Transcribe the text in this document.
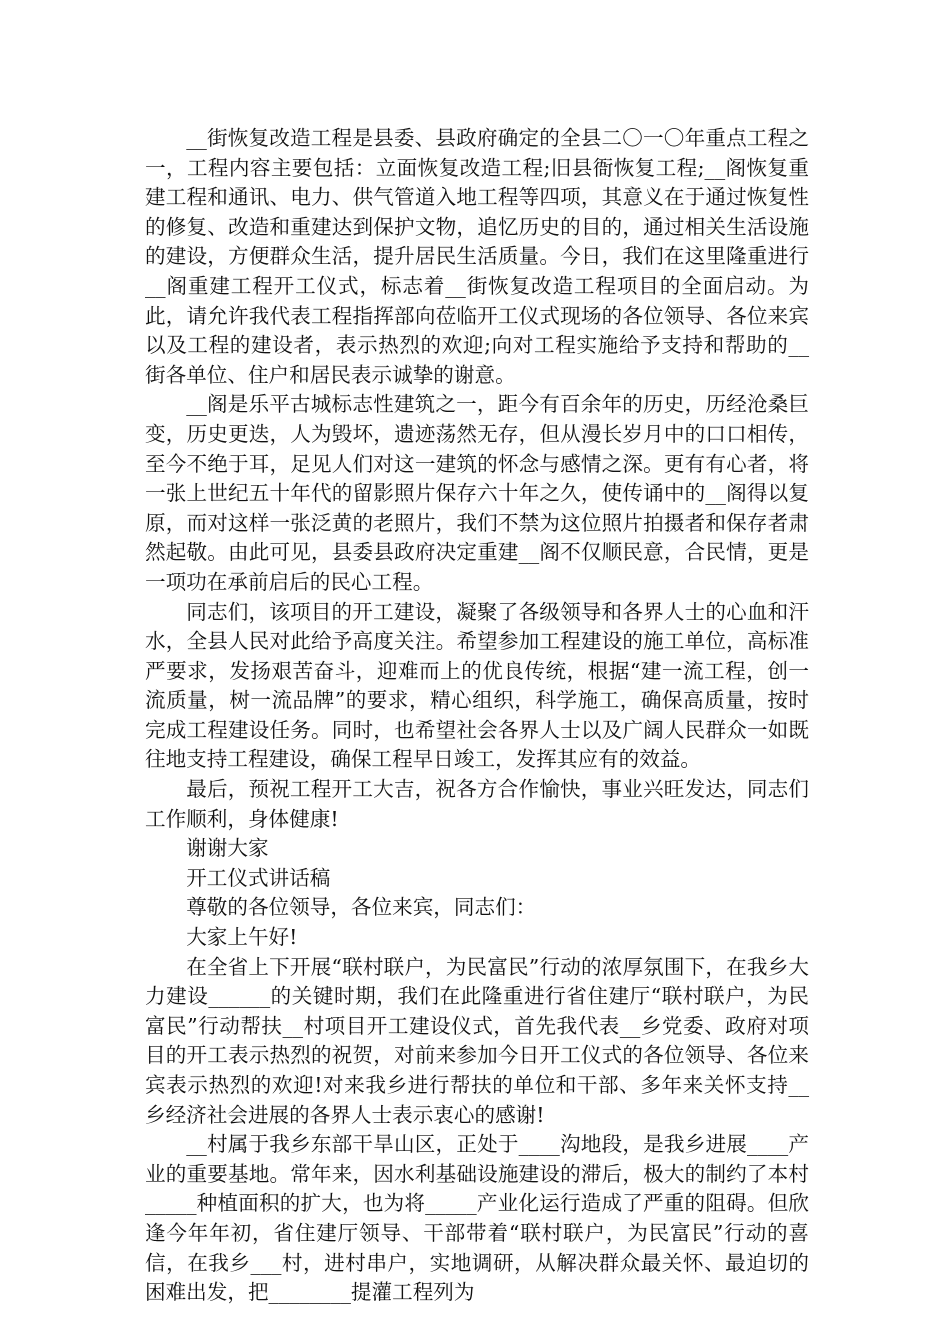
__街恢复改造工程是县委、县政府确定的全县二〇一〇年重点工程之一，工程内容主要包括：立面恢复改造工程;旧县衙恢复工程;__阁恢复重建工程和通讯、电力、供气管道入地工程等四项，其意义在于通过恢复性的修复、改造和重建达到保护文物，追忆历史的目的，通过相关生活设施的建设，方便群众生活，提升居民生活质量。今日，我们在这里隆重进行__阁重建工程开工仪式，标志着__街恢复改造工程项目的全面启动。为此，请允许我代表工程指挥部向莅临开工仪式现场的各位领导、各位来宾以及工程的建设者，表示热烈的欢迎;向对工程实施给予支持和帮助的__街各单位、住户和居民表示诚挚的谢意。

__阁是乐平古城标志性建筑之一，距今有百余年的历史，历经沧桑巨变，历史更迭，人为毁坏，遗迹荡然无存，但从漫长岁月中的口口相传，至今不绝于耳，足见人们对这一建筑的怀念与感情之深。更有有心者，将一张上世纪五十年代的留影照片保存六十年之久，使传诵中的__阁得以复原，而对这样一张泛黄的老照片，我们不禁为这位照片拍摄者和保存者肃然起敬。由此可见，县委县政府决定重建__阁不仅顺民意，合民情，更是一项功在承前启后的民心工程。

同志们，该项目的开工建设，凝聚了各级领导和各界人士的心血和汗水，全县人民对此给予高度关注。希望参加工程建设的施工单位，高标准严要求，发扬艰苦奋斗，迎难而上的优良传统，根据“建一流工程，创一流质量，树一流品牌”的要求，精心组织，科学施工，确保高质量，按时完成工程建设任务。同时，也希望社会各界人士以及广阔人民群众一如既往地支持工程建设，确保工程早日竣工，发挥其应有的效益。

最后，预祝工程开工大吉，祝各方合作愉快，事业兴旺发达，同志们工作顺利，身体健康!

谢谢大家

开工仪式讲话稿

尊敬的各位领导，各位来宾，同志们：

大家上午好!

在全省上下开展“联村联户，为民富民”行动的浓厚氛围下，在我乡大力建设______的关键时期，我们在此隆重进行省住建厅“联村联户，为民富民”行动帮扶__村项目开工建设仪式，首先我代表__乡党委、政府对项目的开工表示热烈的祝贺，对前来参加今日开工仪式的各位领导、各位来宾表示热烈的欢迎!对来我乡进行帮扶的单位和干部、多年来关怀支持__乡经济社会进展的各界人士表示衷心的感谢!

__村属于我乡东部干旱山区，正处于____沟地段，是我乡进展____产业的重要基地。常年来，因水利基础设施建设的滞后，极大的制约了本村_____种植面积的扩大，也为将_____产业化运行造成了严重的阻碍。但欣逢今年年初，省住建厅领导、干部带着“联村联户，为民富民”行动的喜信，在我乡___村，进村串户，实地调研，从解决群众最关怀、最迫切的困难出发，把________提灌工程列为
